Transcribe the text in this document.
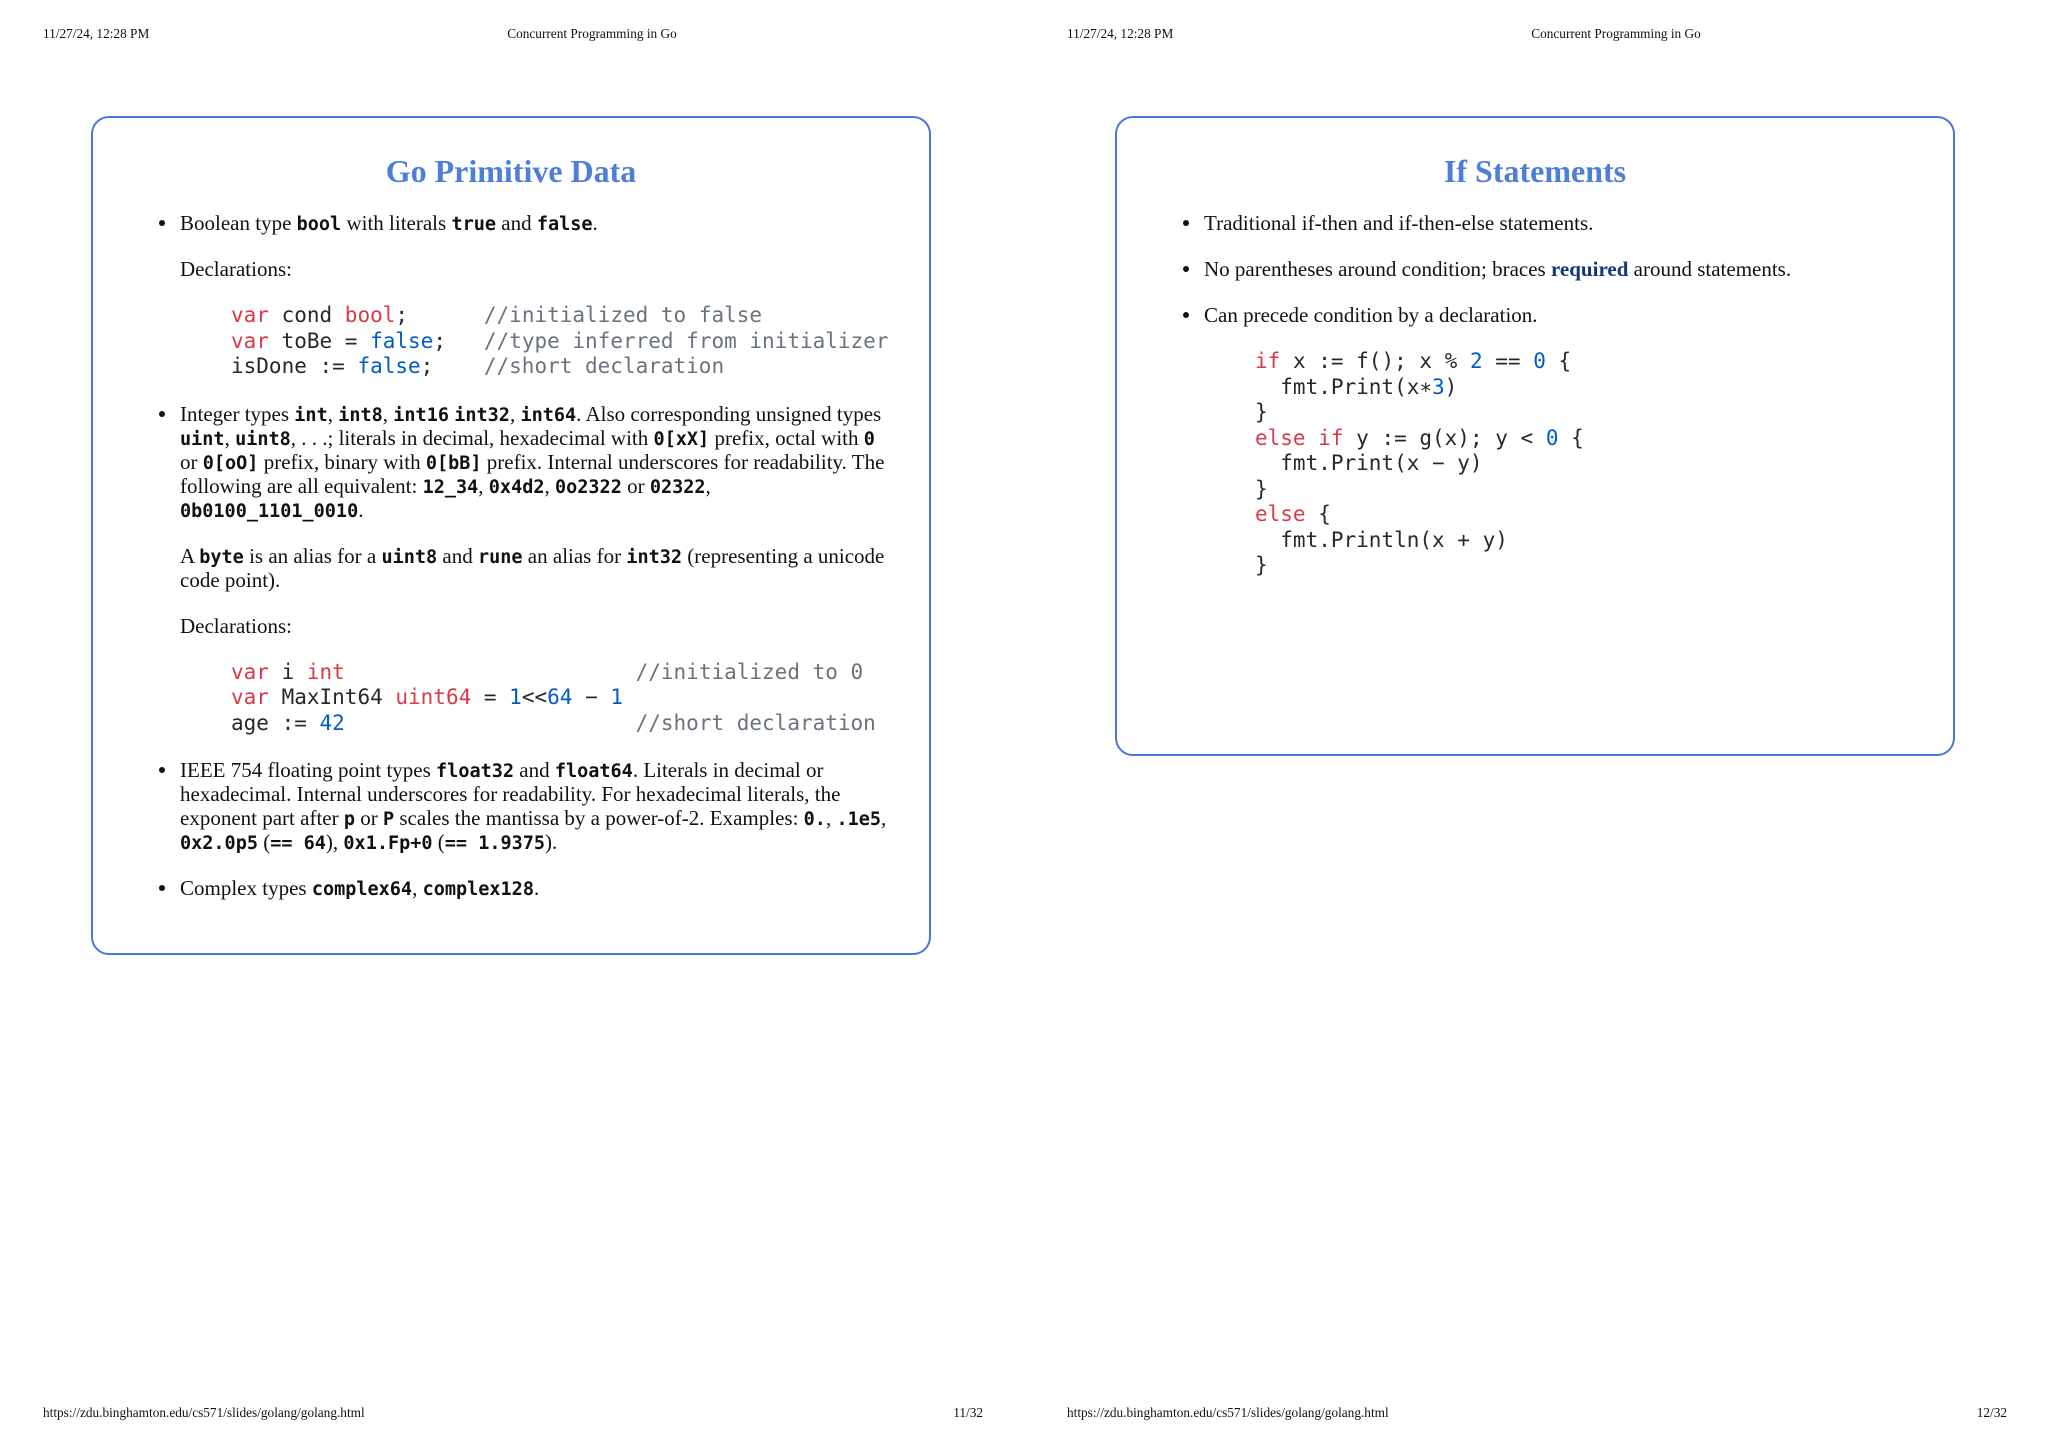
11/27/24, 12:28 PM	Concurrent Programming in Go
Go Primitive Data
Boolean type bool with literals true and false.
Declarations:
var cond bool;      //initialized to false
var toBe = false;   //type inferred from initializer
isDone := false;    //short declaration
Integer types int, int8, int16 int32, int64. Also corresponding unsigned types
uint, uint8, . . .; literals in decimal, hexadecimal with 0[xX] prefix, octal with 0
or 0[oO] prefix, binary with 0[bB] prefix. Internal underscores for readability. The
following are all equivalent: 12_34, 0x4d2, 0o2322 or 02322,
0b0100_1101_0010.
A byte is an alias for a uint8 and rune an alias for int32 (representing a unicode
code point).
Declarations:
var i int	//initialized to 0
var MaxInt64 uint64 = 1<<64 − 1
age := 42	//short declaration
IEEE 754 floating point types float32 and float64. Literals in decimal or
hexadecimal. Internal underscores for readability. For hexadecimal literals, the
exponent part after p or P scales the mantissa by a power-of-2. Examples: 0., .1e5,
0x2.0p5 (== 64), 0x1.Fp+0 (== 1.9375).
Complex types complex64, complex128.
https://zdu.binghamton.edu/cs571/slides/golang/golang.html	11/32
11/27/24, 12:28 PM	Concurrent Programming in Go
If Statements
Traditional if-then and if-then-else statements.
No parentheses around condition; braces required around statements.
Can precede condition by a declaration.
if x := f(); x % 2 == 0 {
fmt.Print(x∗3)
}
else if y := g(x); y < 0 {
fmt.Print(x − y)
}
else {
fmt.Println(x + y)
}
https://zdu.binghamton.edu/cs571/slides/golang/golang.html	12/32
